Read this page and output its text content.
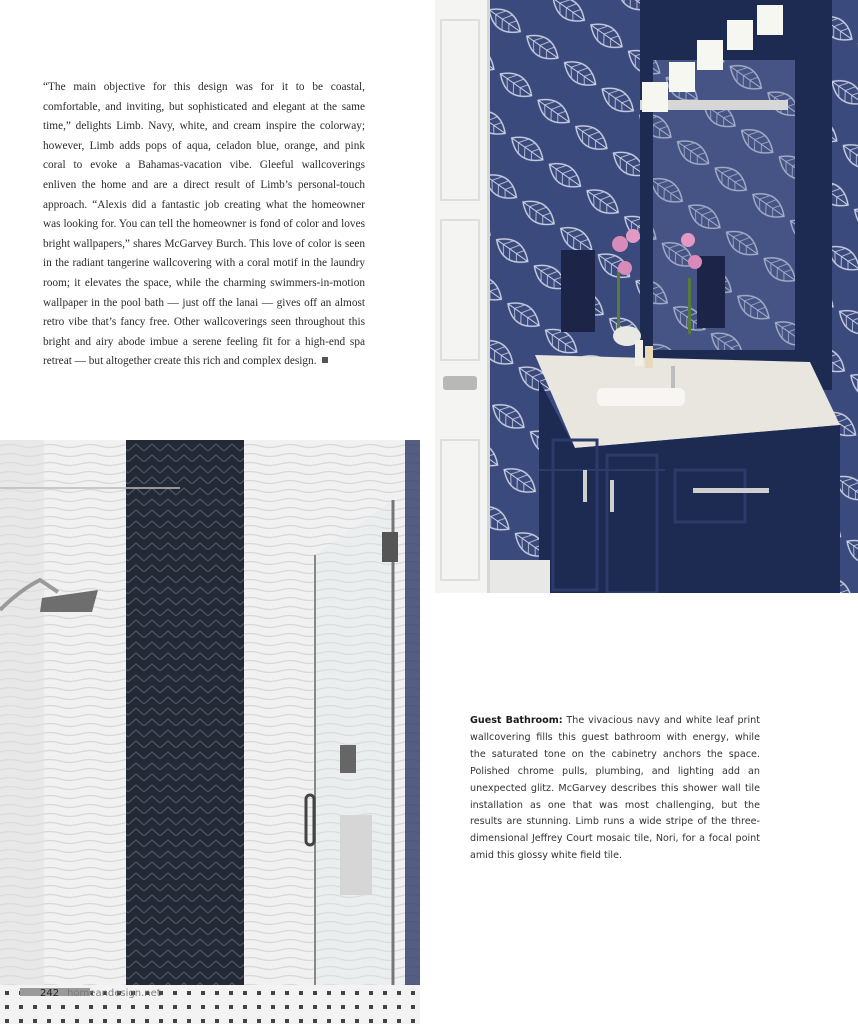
“The main objective for this design was for it to be coastal, comfortable, and inviting, but sophisticated and elegant at the same time,” delights Limb. Navy, white, and cream inspire the colorway; however, Limb adds pops of aqua, celadon blue, orange, and pink coral to evoke a Bahamas-vacation vibe. Gleeful wallcoverings enliven the home and are a direct result of Limb’s personal-touch approach. “Alexis did a fantastic job creating what the homeowner was looking for. You can tell the homeowner is fond of color and loves bright wallpapers,” shares McGarvey Burch. This love of color is seen in the radiant tangerine wallcovering with a coral motif in the laundry room; it elevates the space, while the charming swimmers-in-motion wallpaper in the pool bath — just off the lanai — gives off an almost retro vibe that’s fancy free. Other wallcoverings seen throughout this bright and airy abode imbue a serene feeling fit for a high-end spa retreat — but altogether create this rich and complex design.

Guest Bathroom: The vivacious navy and white leaf print wallcovering fills this guest bathroom with energy, while the saturated tone on the cabinetry anchors the space. Polished chrome pulls, plumbing, and lighting add an unexpected glitz. McGarvey describes this shower wall tile installation as one that was most challenging, but the results are stunning. Limb runs a wide stripe of the three-dimensional Jeffrey Court mosaic tile, Nori, for a focal point amid this glossy white field tile.

242 homeandesign.net
